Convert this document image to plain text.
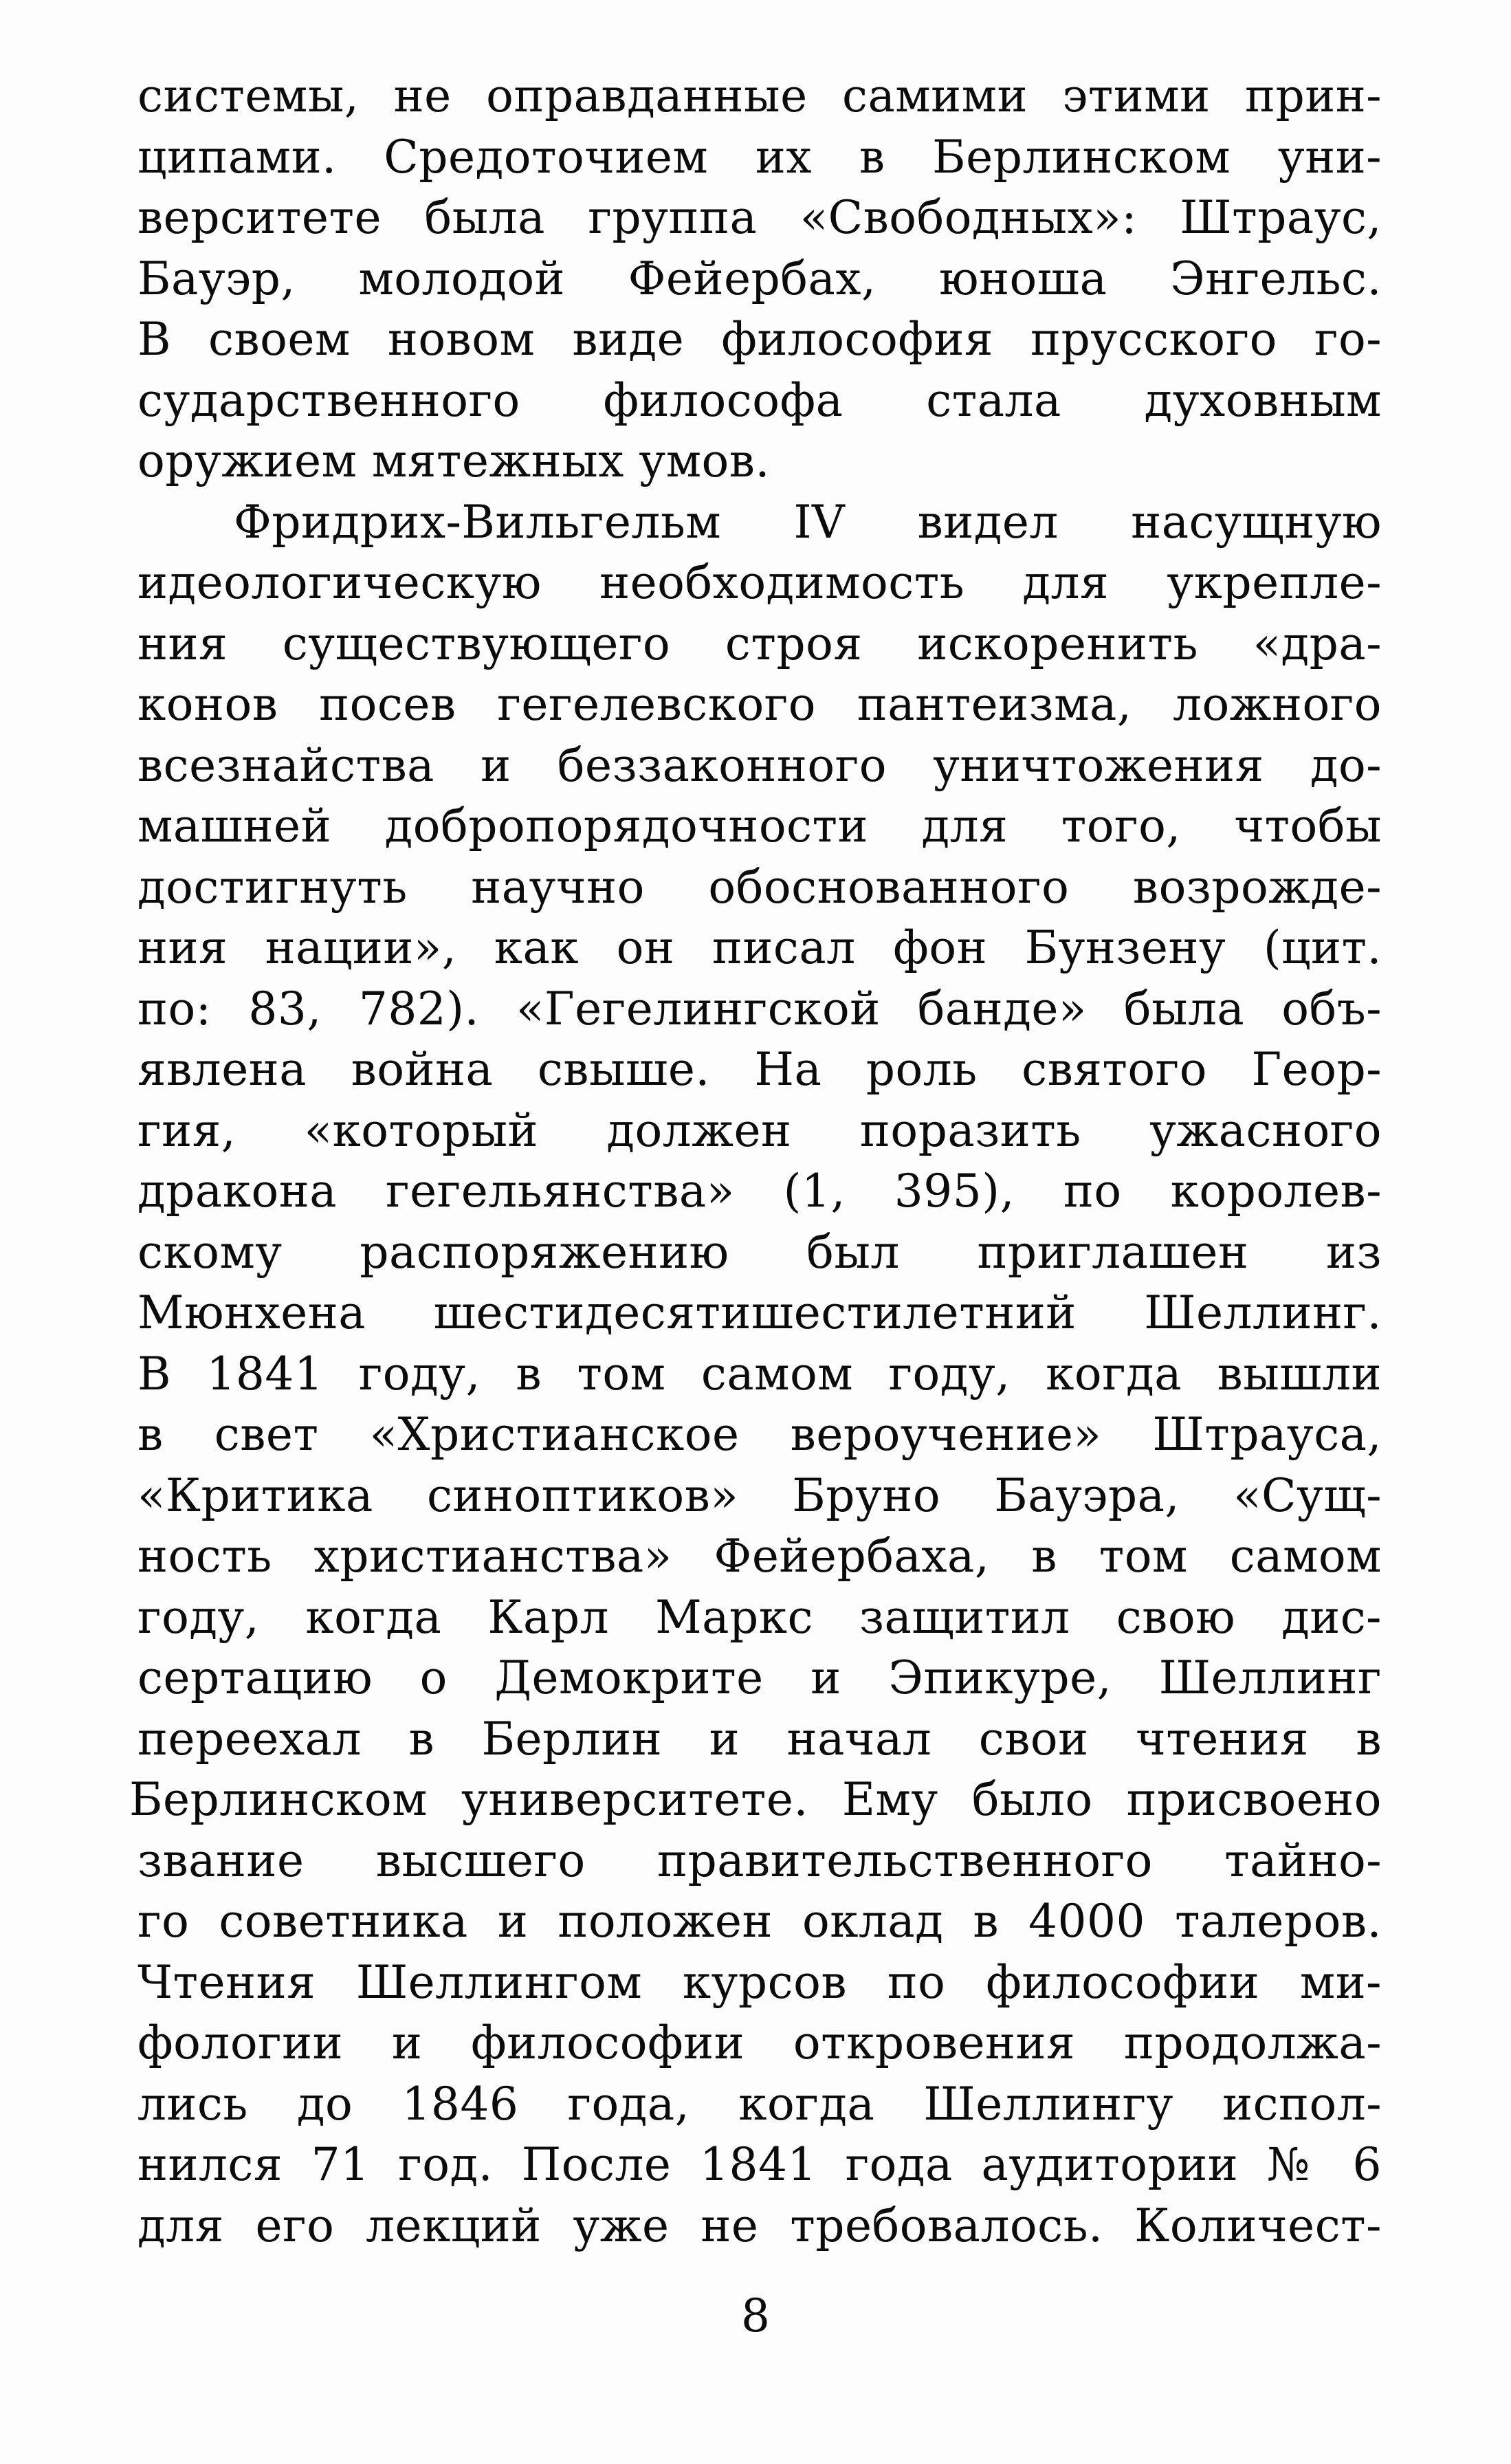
системы, не оправданные самими этими прин-
ципами. Средоточием их в Берлинском уни-
верситете была группа «Свободных»: Штраус,
Бауэр, молодой Фейербах, юноша Энгельс.
В своем новом виде философия прусского го-
сударственного философа стала духовным
оружием мятежных умов.
Фридрих-Вильгельм IV видел насущную
идеологическую необходимость для укрепле-
ния существующего строя искоренить «дра-
конов посев гегелевского пантеизма, ложного
всезнайства и беззаконного уничтожения до-
машней добропорядочности для того, чтобы
достигнуть научно обоснованного возрожде-
ния нации», как он писал фон Бунзену (цит.
по: 83, 782). «Гегелингской банде» была объ-
явлена война свыше. На роль святого Геор-
гия, «который должен поразить ужасного
дракона гегельянства» (1, 395), по королев-
скому распоряжению был приглашен из
Мюнхена шестидесятишестилетний Шеллинг.
В 1841 году, в том самом году, когда вышли
в свет «Христианское вероучение» Штрауса,
«Критика синоптиков» Бруно Бауэра, «Сущ-
ность христианства» Фейербаха, в том самом
году, когда Карл Маркс защитил свою дис-
сертацию о Демокрите и Эпикуре, Шеллинг
переехал в Берлин и начал свои чтения в
Берлинском университете. Ему было присвоено
звание высшего правительственного тайно-
го советника и положен оклад в 4000 талеров.
Чтения Шеллингом курсов по философии ми-
фологии и философии откровения продолжа-
лись до 1846 года, когда Шеллингу испол-
нился 71 год. После 1841 года аудитории № 6
для его лекций уже не требовалось. Количест-
8
